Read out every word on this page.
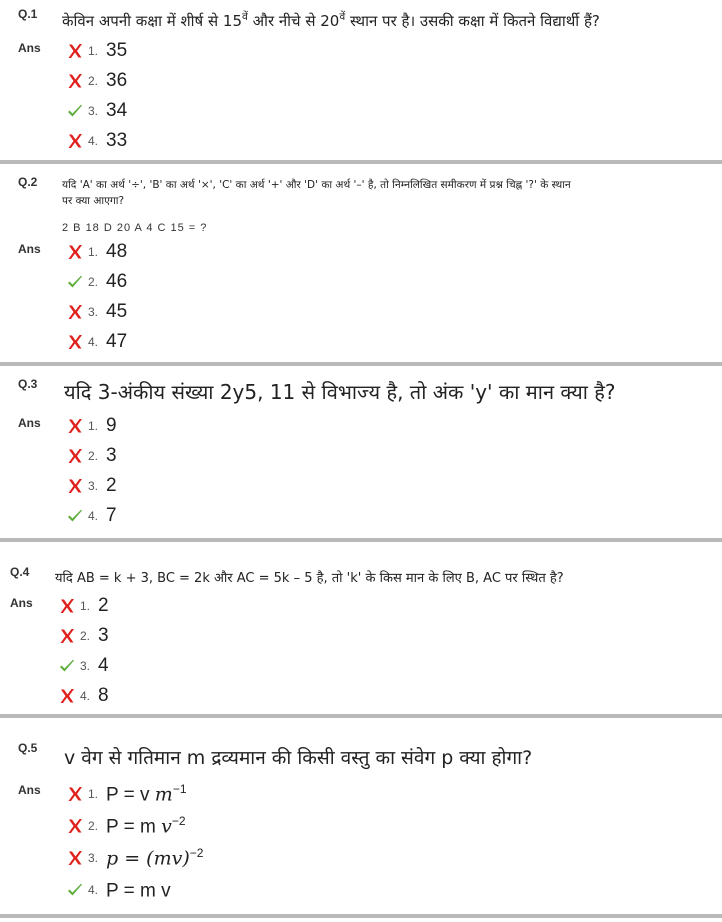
Q.1 केविन अपनी कक्षा में शीर्ष से $15^{वें}$ और नीचे से $20^{वें}$ स्थान पर है। उसकी कक्षा में कितने विद्यार्थी हैं?
Ans	1. 35
2. 36
3. 34
4. 33
Q.2 यदि 'A' का अर्थ '÷', 'B' का अर्थ '×', 'C' का अर्थ '+' और 'D' का अर्थ '–' है, तो निम्नलिखित समीकरण में प्रश्न चिह्न '?' के स्थान
पर क्या आएगा?
2 B 18 D 20 A 4 C 15 = ?
Ans	1. 48
2. 46
3. 45
4. 47
Q.3 यदि 3-अंकीय संख्या 2y5, 11 से विभाज्य है, तो अंक 'y' का मान क्या है?
Ans	1. 9
2. 3
3. 2
4. 7
Q.4 यदि AB = k + 3, BC = 2k और AC = 5k – 5 है, तो 'k' के किस मान के लिए B, AC पर स्थित है?
Ans	1. 2
2. 3
3. 4
4. 8
Q.5 v वेग से गतिमान m द्रव्यमान की किसी वस्तु का संवेग p क्या होगा?
Ans	1. P = v $m^{-1}$
2. P = m $v^{-2}$
3. p = (mv)$^{-2}$
4. P = m v
